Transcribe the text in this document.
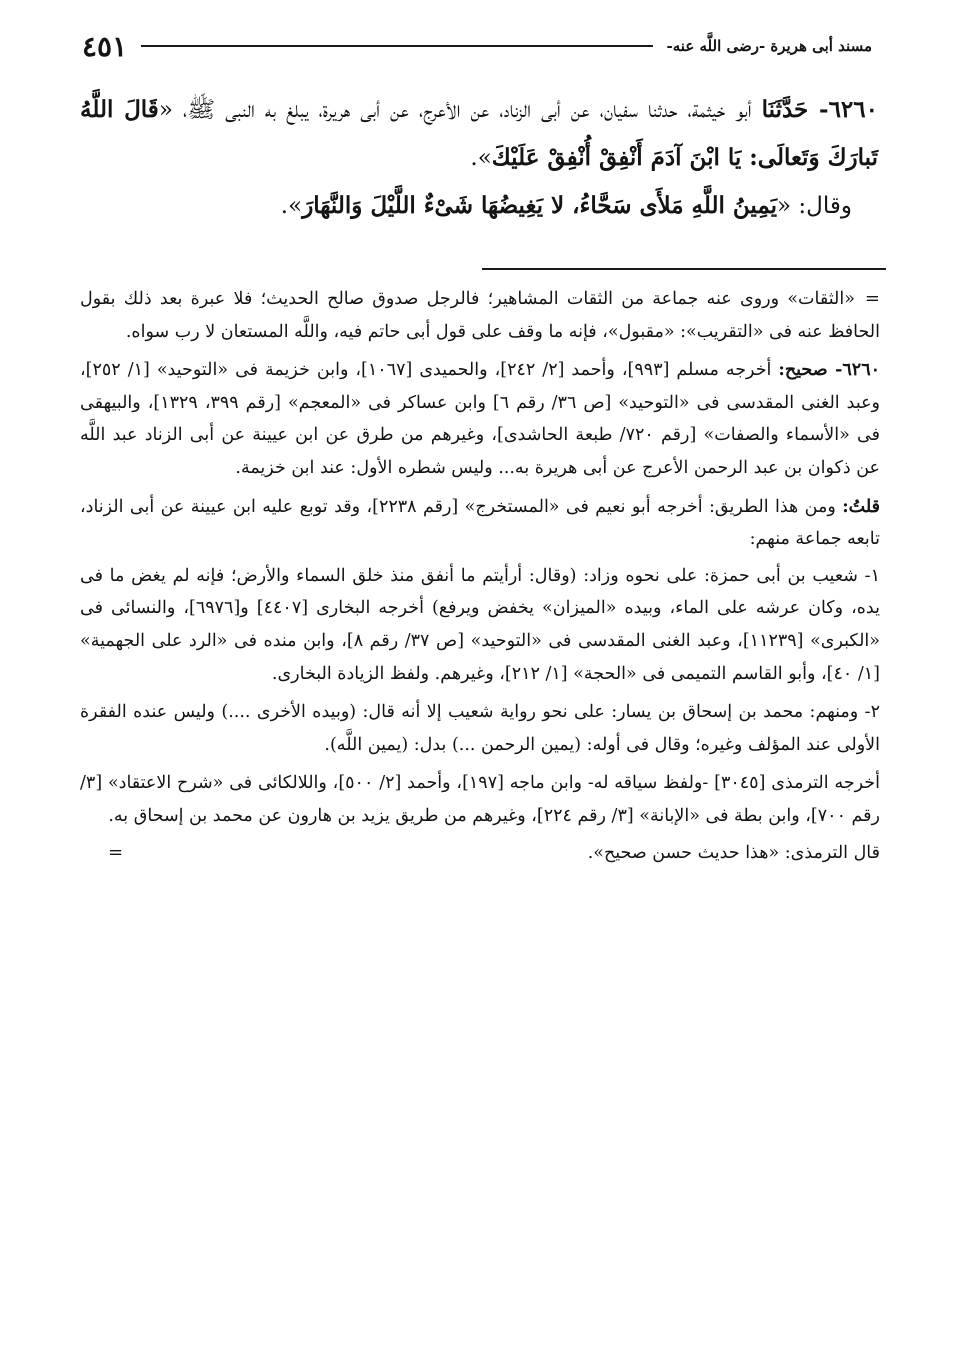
مسند أبى هريرة -رضى اللَّه عنه-
٤٥١

٦٢٦٠- حَدَّثَنَا أبو خيثمة، حدثنا سفيان، عن أبى الزناد، عن الأعرج، عن أبى هريرة، يبلغ به النبى ﷺ، «قَالَ اللَّهُ تَبارَكَ وَتَعالَى: يَا ابْنَ آدَمَ أَنْفِقْ أُنْفِقْ عَلَيْكَ».

وقال: «يَمِينُ اللَّهِ مَلأَى سَحَّاءُ، لا يَغِيضُهَا شَىْءٌ اللَّيْلَ وَالنَّهَارَ».

=«الثقات» وروى عنه جماعة من الثقات المشاهير؛ فالرجل صدوق صالح الحديث؛ فلا عبرة بعد ذلك بقول الحافظ عنه فى «التقريب»: «مقبول»، فإنه ما وقف على قول أبى حاتم فيه، واللَّه المستعان لا رب سواه.

٦٢٦٠- صحيح: أخرجه مسلم [٩٩٣]، وأحمد [٢/ ٢٤٢]، والحميدى [١٠٦٧]، وابن خزيمة فى «التوحيد» [١/ ٢٥٢]، وعبد الغنى المقدسى فى «التوحيد» [ص ٣٦/ رقم ٦] وابن عساكر فى «المعجم» [رقم ٣٩٩، ١٣٢٩]، والبيهقى فى «الأسماء والصفات» [رقم ٧٢٠/ طبعة الحاشدى]، وغيرهم من طرق عن ابن عيينة عن أبى الزناد عبد اللَّه عن ذكوان بن عبد الرحمن الأعرج عن أبى هريرة به... وليس شطره الأول: عند ابن خزيمة.

قلتُ: ومن هذا الطريق: أخرجه أبو نعيم فى «المستخرج» [رقم ٢٢٣٨]، وقد توبع عليه ابن عيينة عن أبى الزناد، تابعه جماعة منهم:

١- شعيب بن أبى حمزة: على نحوه وزاد: (وقال: أرأيتم ما أنفق منذ خلق السماء والأرض؛ فإنه لم يغض ما فى يده، وكان عرشه على الماء، وبيده «الميزان» يخفض ويرفع) أخرجه البخارى [٤٤٠٧] و[٦٩٧٦]، والنسائى فى «الكبرى» [١١٢٣٩]، وعبد الغنى المقدسى فى «التوحيد» [ص ٣٧/ رقم ٨]، وابن منده فى «الرد على الجهمية» [١/ ٤٠]، وأبو القاسم التميمى فى «الحجة» [١/ ٢١٢]، وغيرهم. ولفظ الزيادة البخارى.

٢- ومنهم: محمد بن إسحاق بن يسار: على نحو رواية شعيب إلا أنه قال: (وبيده الأخرى ....) وليس عنده الفقرة الأولى عند المؤلف وغيره؛ وقال فى أوله: (يمين الرحمن ...) بدل: (يمين اللَّه).

أخرجه الترمذى [٣٠٤٥] -ولفظ سياقه له- وابن ماجه [١٩٧]، وأحمد [٢/ ٥٠٠]، واللالكائى فى «شرح الاعتقاد» [٣/ رقم ٧٠٠]، وابن بطة فى «الإبانة» [٣/ رقم ٢٢٤]، وغيرهم من طريق يزيد بن هارون عن محمد بن إسحاق به.

قال الترمذى: «هذا حديث حسن صحيح».
=
